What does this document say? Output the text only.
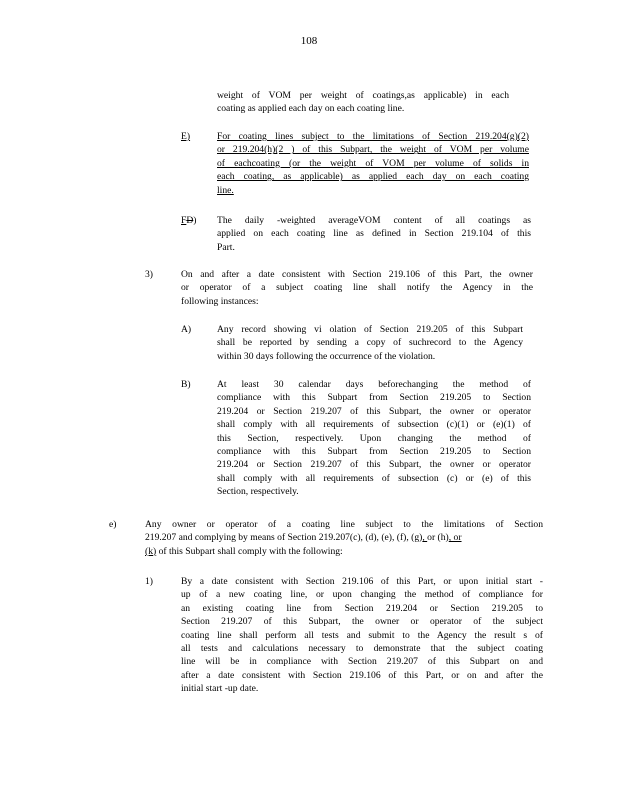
108
weight of VOM per weight of coatings,as applicable) in each
coating as applied each day on each coating line.
E)	For coating lines subject to the limitations of Section 219.204(g)(2)
or 219.204(h)(2 ) of this Subpart, the weight of VOM per volume
of eachcoating (or the weight of VOM per volume of solids in
each coating, as applicable) as applied each day on each coating
line.
FD) The daily -weighted averageVOM content of all coatings as
applied on each coating line as defined in Section 219.104 of this
Part.
3)	On and after a date consistent with Section 219.106 of this Part, the owner
or operator of a subject coating line shall notify the Agency in the
following instances:
A)	Any record showing vi olation of Section 219.205 of this Subpart
shall be reported by sending a copy of suchrecord to the Agency
within 30 days following the occurrence of the violation.
B)	At least 30 calendar days beforechanging the method of
compliance with this Subpart from Section 219.205 to Section
219.204 or Section 219.207 of this Subpart, the owner or operator
shall comply with all requirements of subsection (c)(1) or (e)(1) of
this Section, respectively. Upon changing the method of
compliance with this Subpart from Section 219.205 to Section
219.204 or Section 219.207 of this Subpart, the owner or operator
shall comply with all requirements of subsection (c) or (e) of this
Section, respectively.
e)	Any owner or operator of a coating line subject to the limitations of Section
219.207 and complying by means of Section 219.207(c), (d), (e), (f), (g), or (h), or
(k) of this Subpart shall comply with the following:
1)	By a date consistent with Section 219.106 of this Part, or upon initial start -
up of a new coating line, or upon changing the method of compliance for
an existing coating line from Section 219.204 or Section 219.205 to
Section 219.207 of this Subpart, the owner or operator of the subject
coating line shall perform all tests and submit to the Agency the result s of
all tests and calculations necessary to demonstrate that the subject coating
line will be in compliance with Section 219.207 of this Subpart on and
after a date consistent with Section 219.106 of this Part, or on and after the
initial start -up date.
